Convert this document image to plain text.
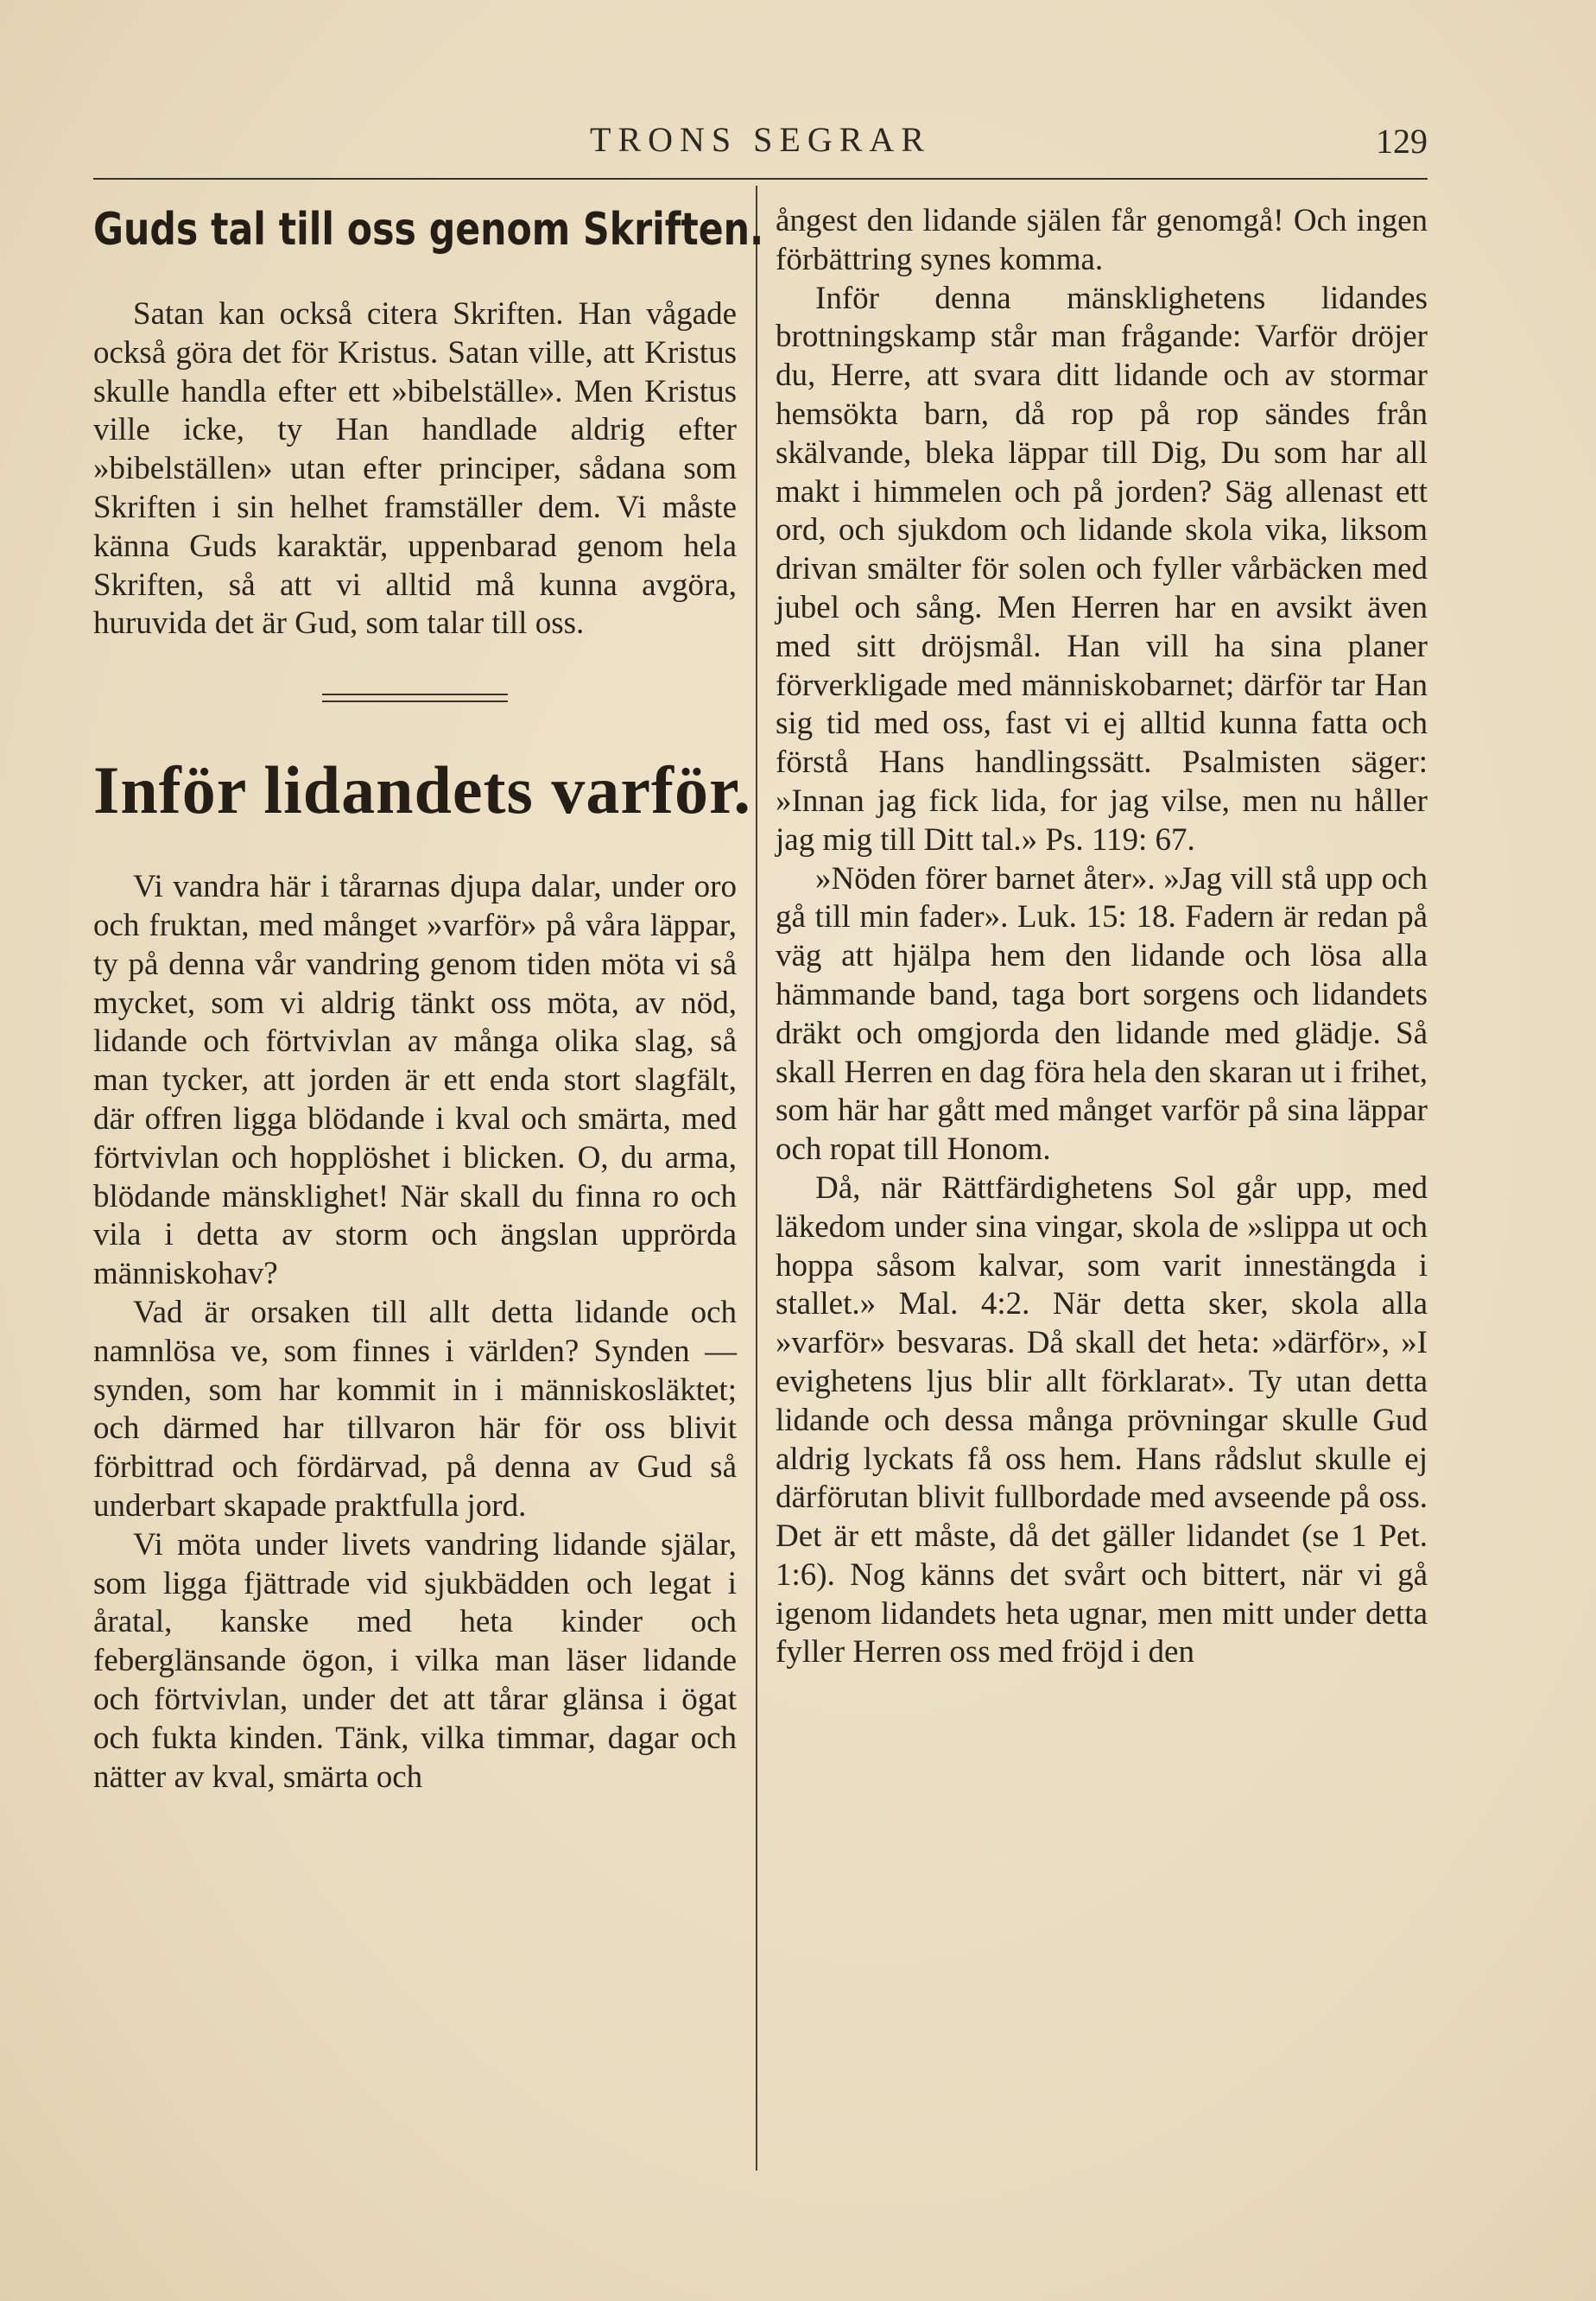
TRONS SEGRAR	129
Guds tal till oss genom Skriften.

Satan kan också citera Skriften. Han vågade också göra det för Kristus. Satan ville, att Kristus skulle handla efter ett »bibelställe». Men Kristus ville icke, ty Han handlade aldrig efter »bibelställen» utan efter principer, sådana som Skriften i sin helhet framställer dem. Vi måste känna Guds karaktär, uppenbarad genom hela Skriften, så att vi alltid må kunna avgöra, huruvida det är Gud, som talar till oss.

Inför lidandets varför.

Vi vandra här i tårarnas djupa dalar, under oro och fruktan, med månget »varför» på våra läppar, ty på denna vår vandring genom tiden möta vi så mycket, som vi aldrig tänkt oss möta, av nöd, lidande och förtvivlan av många olika slag, så man tycker, att jorden är ett enda stort slagfält, där offren ligga blödande i kval och smärta, med förtvivlan och hopplöshet i blicken. O, du arma, blödande mänsklighet! När skall du finna ro och vila i detta av storm och ängslan upprörda människohav?

Vad är orsaken till allt detta lidande och namnlösa ve, som finnes i världen? Synden — synden, som har kommit in i människosläktet; och därmed har tillvaron här för oss blivit förbittrad och fördärvad, på denna av Gud så underbart skapade praktfulla jord.

Vi möta under livets vandring lidande själar, som ligga fjättrade vid sjukbädden och legat i åratal, kanske med heta kinder och feberglänsande ögon, i vilka man läser lidande och förtvivlan, under det att tårar glänsa i ögat och fukta kinden. Tänk, vilka timmar, dagar och nätter av kval, smärta och

ångest den lidande själen får genomgå! Och ingen förbättring synes komma.

Inför denna mänsklighetens lidandes brottningskamp står man frågande: Varför dröjer du, Herre, att svara ditt lidande och av stormar hemsökta barn, då rop på rop sändes från skälvande, bleka läppar till Dig, Du som har all makt i himmelen och på jorden? Säg allenast ett ord, och sjukdom och lidande skola vika, liksom drivan smälter för solen och fyller vårbäcken med jubel och sång. Men Herren har en avsikt även med sitt dröjsmål. Han vill ha sina planer förverkligade med människobarnet; därför tar Han sig tid med oss, fast vi ej alltid kunna fatta och förstå Hans handlingssätt. Psalmisten säger: »Innan jag fick lida, for jag vilse, men nu håller jag mig till Ditt tal.» Ps. 119: 67.

»Nöden förer barnet åter». »Jag vill stå upp och gå till min fader». Luk. 15: 18. Fadern är redan på väg att hjälpa hem den lidande och lösa alla hämmande band, taga bort sorgens och lidandets dräkt och omgjorda den lidande med glädje. Så skall Herren en dag föra hela den skaran ut i frihet, som här har gått med månget varför på sina läppar och ropat till Honom.

Då, när Rättfärdighetens Sol går upp, med läkedom under sina vingar, skola de »slippa ut och hoppa såsom kalvar, som varit innestängda i stallet.» Mal. 4:2. När detta sker, skola alla »varför» besvaras. Då skall det heta: »därför», »I evighetens ljus blir allt förklarat». Ty utan detta lidande och dessa många prövningar skulle Gud aldrig lyckats få oss hem. Hans rådslut skulle ej därförutan blivit fullbordade med avseende på oss. Det är ett måste, då det gäller lidandet (se 1 Pet. 1:6). Nog känns det svårt och bittert, när vi gå igenom lidandets heta ugnar, men mitt under detta fyller Herren oss med fröjd i den
